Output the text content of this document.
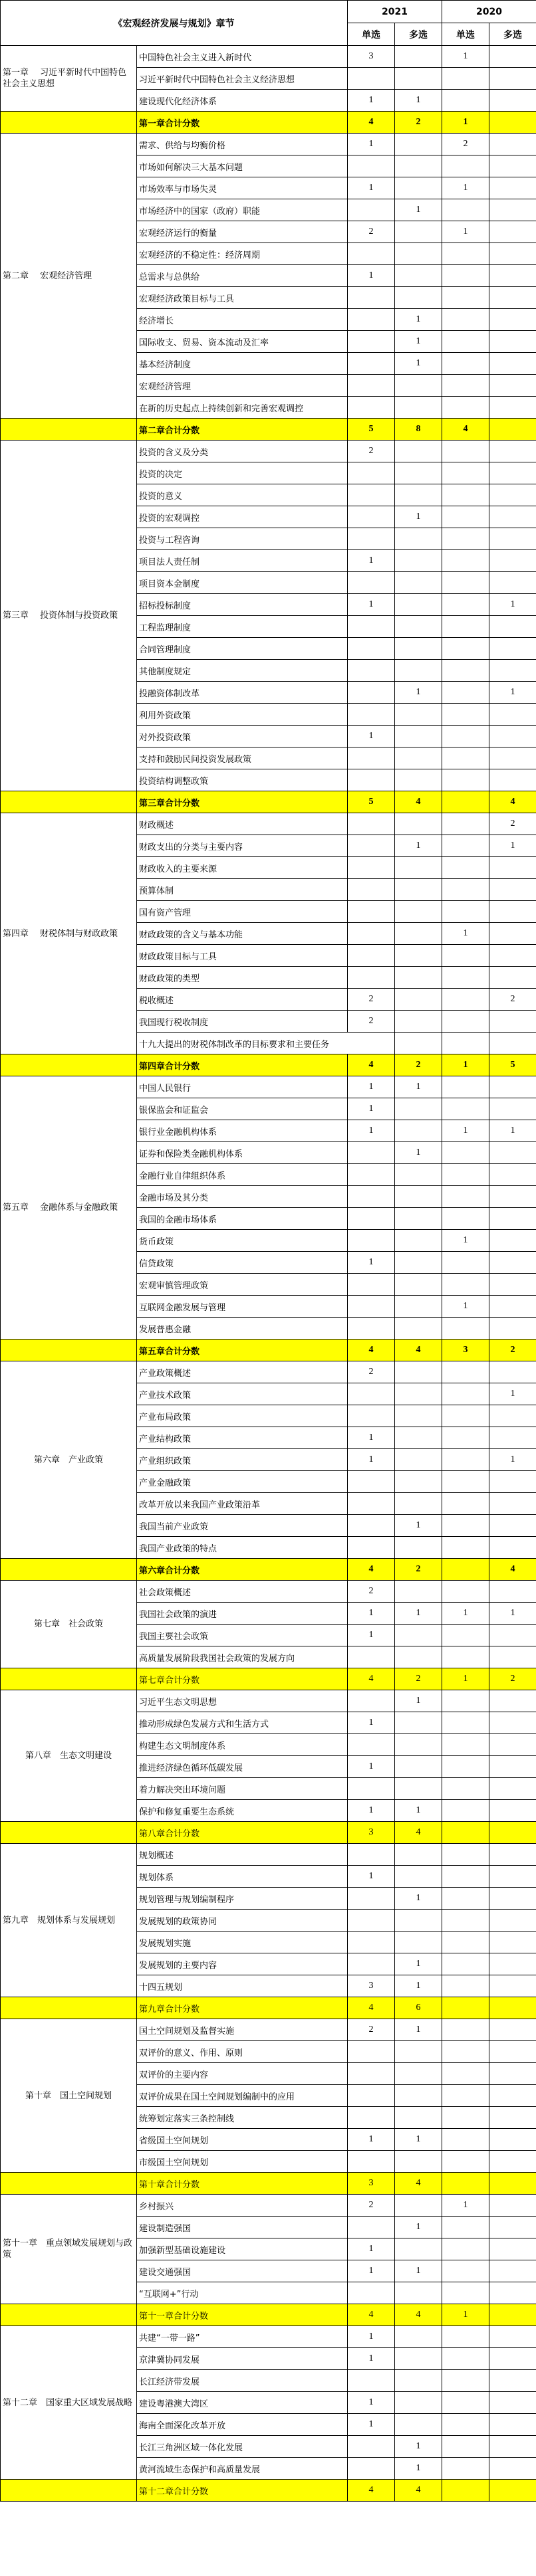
《宏观经济发展与规划》章节		2021		2020	
		单选	多选	单选	多选
第一章　 习近平新时代中国特色社会主义思想	中国特色社会主义进入新时代	3		1	
	习近平新时代中国特色社会主义经济思想				
	建设现代化经济体系	1	1		
	第一章合计分数	4	2	1	
第二章　 宏观经济管理	需求、供给与均衡价格	1		2	
	市场如何解决三大基本问题				
	市场效率与市场失灵	1		1	
	市场经济中的国家（政府）职能		1		
	宏观经济运行的衡量	2		1	
	宏观经济的不稳定性：经济周期				
	总需求与总供给	1			
	宏观经济政策目标与工具				
	经济增长		1		
	国际收支、贸易、资本流动及汇率		1		
	基本经济制度		1		
	宏观经济管理				
	在新的历史起点上持续创新和完善宏观调控				
	第二章合计分数	5	8	4	
第三章　 投资体制与投资政策	投资的含义及分类	2			
	投资的决定				
	投资的意义				
	投资的宏观调控		1		
	投资与工程咨询				
	项目法人责任制	1			
	项目资本金制度				
	招标投标制度	1			1
	工程监理制度				
	合同管理制度				
	其他制度规定				
	投融资体制改革		1		1
	利用外资政策				
	对外投资政策	1			
	支持和鼓励民间投资发展政策				
	投资结构调整政策				
	第三章合计分数	5	4		4
第四章　 财税体制与财政政策	财政概述				2
	财政支出的分类与主要内容		1		1
	财政收入的主要来源				
	预算体制				
	国有资产管理				
	财政政策的含义与基本功能			1	
	财政政策目标与工具				
	财政政策的类型				
	税收概述	2			2
	我国现行税收制度	2			
	十九大提出的财税体制改革的目标要求和主要任务				
	第四章合计分数	4	2	1	5
第五章　 金融体系与金融政策	中国人民银行	1	1		
	银保监会和证监会	1			
	银行业金融机构体系	1		1	1
	证券和保险类金融机构体系		1		
	金融行业自律组织体系				
	金融市场及其分类				
	我国的金融市场体系				
	货币政策			1	
	信贷政策	1			
	宏观审慎管理政策				
	互联网金融发展与管理			1	
	发展普惠金融				
	第五章合计分数	4	4	3	2
第六章　产业政策	产业政策概述	2			
	产业技术政策				1
	产业布局政策				
	产业结构政策	1			
	产业组织政策	1			1
	产业金融政策				
	改革开放以来我国产业政策沿革				
	我国当前产业政策		1		
	我国产业政策的特点				
	第六章合计分数	4	2		4
第七章　社会政策	社会政策概述	2			
	我国社会政策的演进	1	1	1	1
	我国主要社会政策	1			
	高质量发展阶段我国社会政策的发展方向				
	第七章合计分数	4	2	1	2
第八章　生态文明建设	习近平生态文明思想		1		
	推动形成绿色发展方式和生活方式	1			
	构建生态文明制度体系				
	推进经济绿色循环低碳发展	1			
	着力解决突出环境问题				
	保护和修复重要生态系统	1	1		
	第八章合计分数	3	4		
第九章　规划体系与发展规划	规划概述				
	规划体系	1			
	规划管理与规划编制程序		1		
	发展规划的政策协同				
	发展规划实施				
	发展规划的主要内容		1		
	十四五规划	3	1		
	第九章合计分数	4	6		
第十章　国土空间规划	国土空间规划及监督实施	2	1		
	双评价的意义、作用、原则				
	双评价的主要内容				
	双评价成果在国土空间规划编制中的应用				
	统筹划定落实三条控制线				
	省级国土空间规划	1	1		
	市级国土空间规划				
	第十章合计分数	3	4		
第十一章　重点领域发展规划与政策	乡村振兴	2		1	
	建设制造强国		1		
	加强新型基础设施建设	1			
	建设交通强国	1	1		
	“互联网+”行动				
	第十一章合计分数	4	4	1	
第十二章　国家重大区域发展战略	共建“一带一路”	1			
	京津冀协同发展	1			
	长江经济带发展				
	建设粤港澳大湾区	1			
	海南全面深化改革开放	1			
	长江三角洲区域一体化发展		1		
	黄河流域生态保护和高质量发展		1		
	第十二章合计分数	4	4		
